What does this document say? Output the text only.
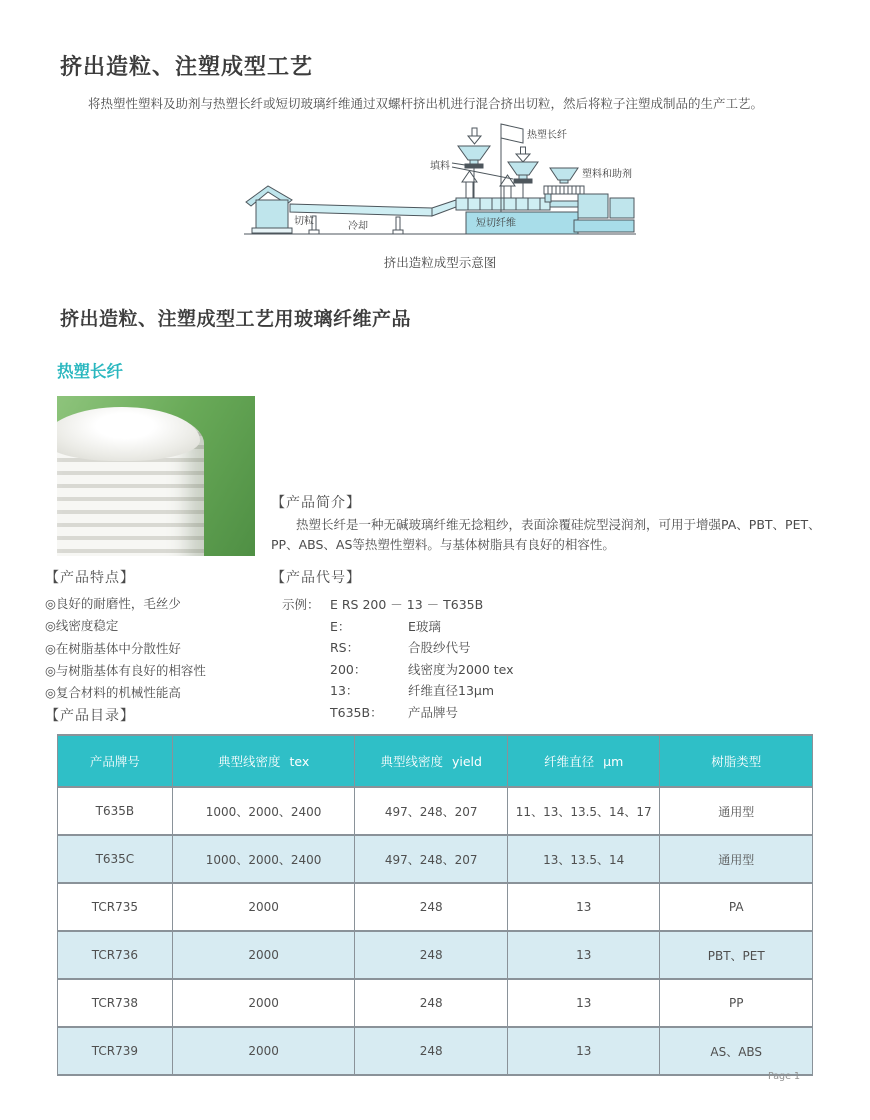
挤出造粒、注塑成型工艺

将热塑性塑料及助剂与热塑长纤或短切玻璃纤维通过双螺杆挤出机进行混合挤出切粒，然后将粒子注塑成制品的生产工艺。

切粒	冷却	短切纤维
填料
热塑长纤
塑料和助剂
挤出造粒成型示意图
挤出造粒、注塑成型工艺用玻璃纤维产品
热塑长纤
【产品简介】

热塑长纤是一种无碱玻璃纤维无捻粗纱，表面涂覆硅烷型浸润剂，可用于增强PA、PBT、PET、PP、ABS、AS等热塑性塑料。与基体树脂具有良好的相容性。

【产品特点】
◎良好的耐磨性，毛丝少
◎线密度稳定
◎在树脂基体中分散性好
◎与树脂基体有良好的相容性
◎复合材料的机械性能高
【产品代号】
示例： E RS 200 － 13 － T635B
E：	E玻璃
RS：	合股纱代号
200：	线密度为2000 tex
13：	纤维直径13μm
T635B：	产品牌号
【产品目录】
产品牌号	典型线密度 tex	典型线密度 yield	纤维直径 μm	树脂类型
T635B	1000、2000、2400	497、248、207	11、13、13.5、14、17	通用型
T635C	1000、2000、2400	497、248、207	13、13.5、14	通用型
TCR735	2000	248	13	PA
TCR736	2000	248	13	PBT、PET
TCR738	2000	248	13	PP
TCR739	2000	248	13	AS、ABS
Page 1
